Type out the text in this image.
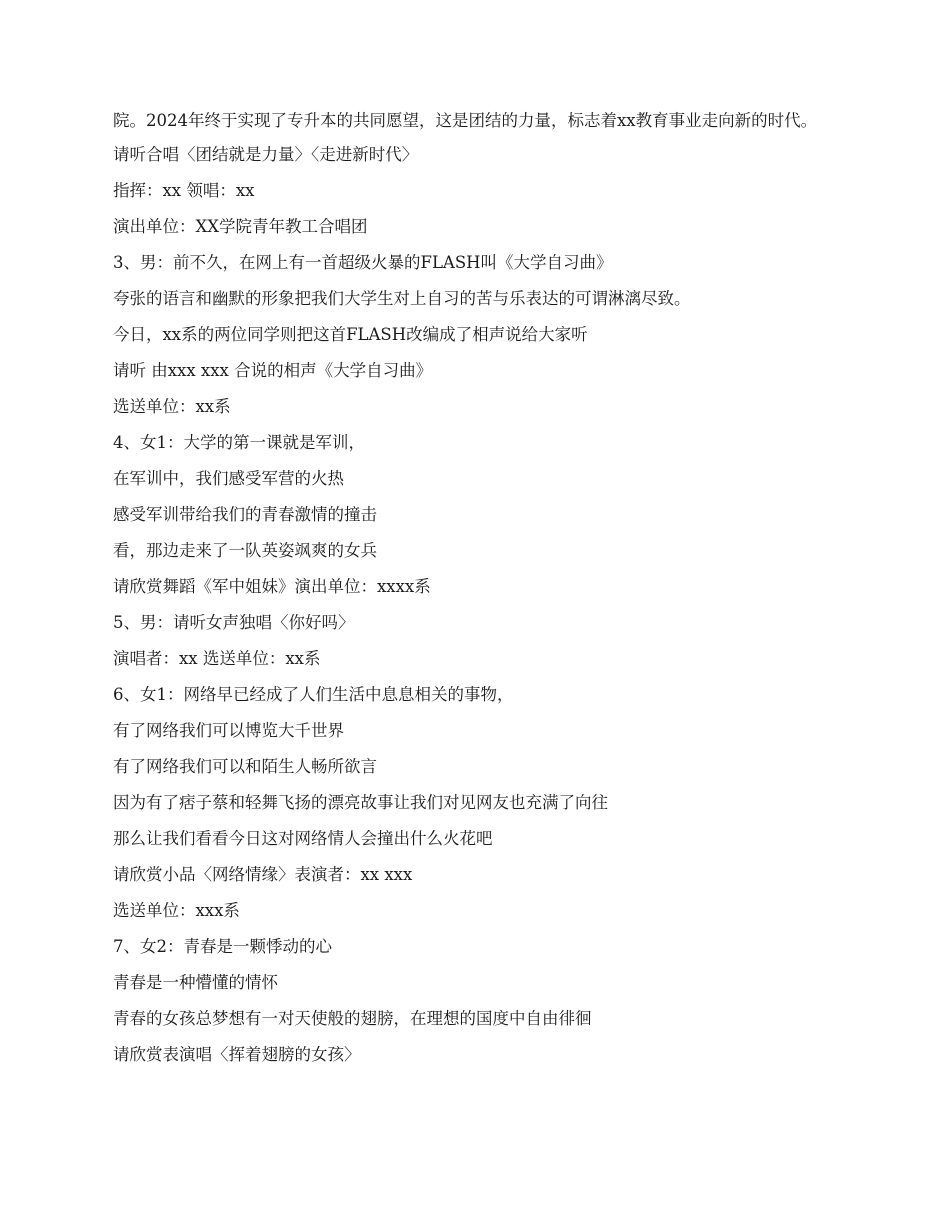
院。2024年终于实现了专升本的共同愿望，这是团结的力量，标志着xx教育事业走向新的时代。
请听合唱〈团结就是力量〉〈走进新时代〉
指挥：xx 领唱：xx
演出单位：XX学院青年教工合唱团
3、男：前不久，在网上有一首超级火暴的FLASH叫《大学自习曲》
夸张的语言和幽默的形象把我们大学生对上自习的苦与乐表达的可谓淋漓尽致。
今日，xx系的两位同学则把这首FLASH改编成了相声说给大家听
请听 由xxx xxx 合说的相声《大学自习曲》
选送单位：xx系
4、女1：大学的第一课就是军训，
在军训中，我们感受军营的火热
感受军训带给我们的青春激情的撞击
看，那边走来了一队英姿飒爽的女兵
请欣赏舞蹈《军中姐妹》演出单位：xxxx系
5、男：请听女声独唱〈你好吗〉
演唱者：xx 选送单位：xx系
6、女1：网络早已经成了人们生活中息息相关的事物，
有了网络我们可以博览大千世界
有了网络我们可以和陌生人畅所欲言
因为有了痞子蔡和轻舞飞扬的漂亮故事让我们对见网友也充满了向往
那么让我们看看今日这对网络情人会撞出什么火花吧
请欣赏小品〈网络情缘〉表演者：xx xxx
选送单位：xxx系
7、女2：青春是一颗悸动的心
青春是一种懵懂的情怀
青春的女孩总梦想有一对天使般的翅膀，在理想的国度中自由徘徊
请欣赏表演唱〈挥着翅膀的女孩〉
